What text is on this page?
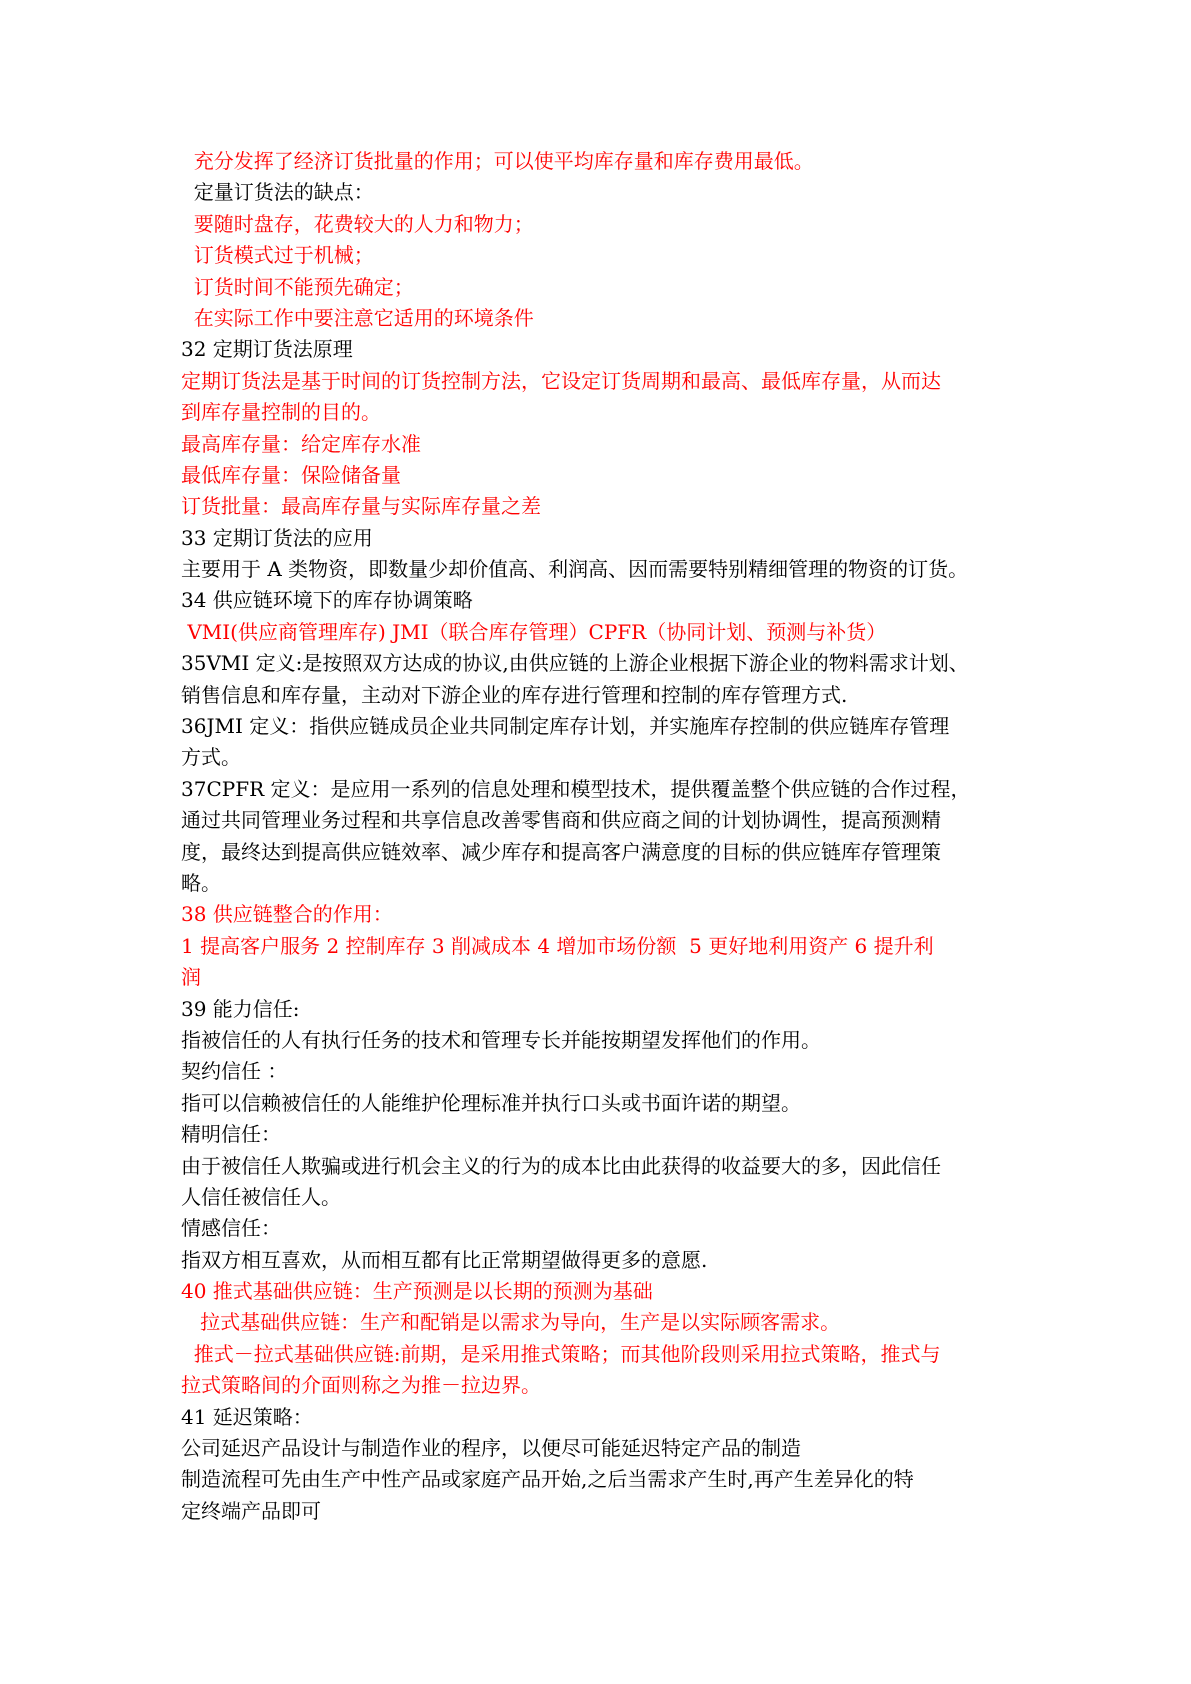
充分发挥了经济订货批量的作用；可以使平均库存量和库存费用最低。
定量订货法的缺点：
要随时盘存，花费较大的人力和物力；
订货模式过于机械；
订货时间不能预先确定；
在实际工作中要注意它适用的环境条件
32 定期订货法原理
定期订货法是基于时间的订货控制方法，它设定订货周期和最高、最低库存量，从而达
到库存量控制的目的。
最高库存量：给定库存水准
最低库存量：保险储备量
订货批量：最高库存量与实际库存量之差
33 定期订货法的应用
主要用于 A 类物资，即数量少却价值高、利润高、因而需要特别精细管理的物资的订货。
34 供应链环境下的库存协调策略
VMI(供应商管理库存) JMI（联合库存管理）CPFR（协同计划、预测与补货）
35VMI 定义:是按照双方达成的协议,由供应链的上游企业根据下游企业的物料需求计划、
销售信息和库存量，主动对下游企业的库存进行管理和控制的库存管理方式.
36JMI 定义：指供应链成员企业共同制定库存计划，并实施库存控制的供应链库存管理
方式。
37CPFR 定义：是应用一系列的信息处理和模型技术，提供覆盖整个供应链的合作过程，
通过共同管理业务过程和共享信息改善零售商和供应商之间的计划协调性，提高预测精
度，最终达到提高供应链效率、减少库存和提高客户满意度的目标的供应链库存管理策
略。
38 供应链整合的作用：
1 提高客户服务 2 控制库存 3 削减成本 4 增加市场份额  5 更好地利用资产 6 提升利
润
39 能力信任:
指被信任的人有执行任务的技术和管理专长并能按期望发挥他们的作用。
契约信任 ：
指可以信赖被信任的人能维护伦理标准并执行口头或书面许诺的期望。
精明信任：
由于被信任人欺骗或进行机会主义的行为的成本比由此获得的收益要大的多，因此信任
人信任被信任人。
情感信任：
指双方相互喜欢，从而相互都有比正常期望做得更多的意愿.
40 推式基础供应链：生产预测是以长期的预测为基础
拉式基础供应链：生产和配销是以需求为导向，生产是以实际顾客需求。
推式－拉式基础供应链:前期，是采用推式策略；而其他阶段则采用拉式策略，推式与
拉式策略间的介面则称之为推－拉边界。
41 延迟策略：
公司延迟产品设计与制造作业的程序，以便尽可能延迟特定产品的制造
制造流程可先由生产中性产品或家庭产品开始,之后当需求产生时,再产生差异化的特
定终端产品即可
